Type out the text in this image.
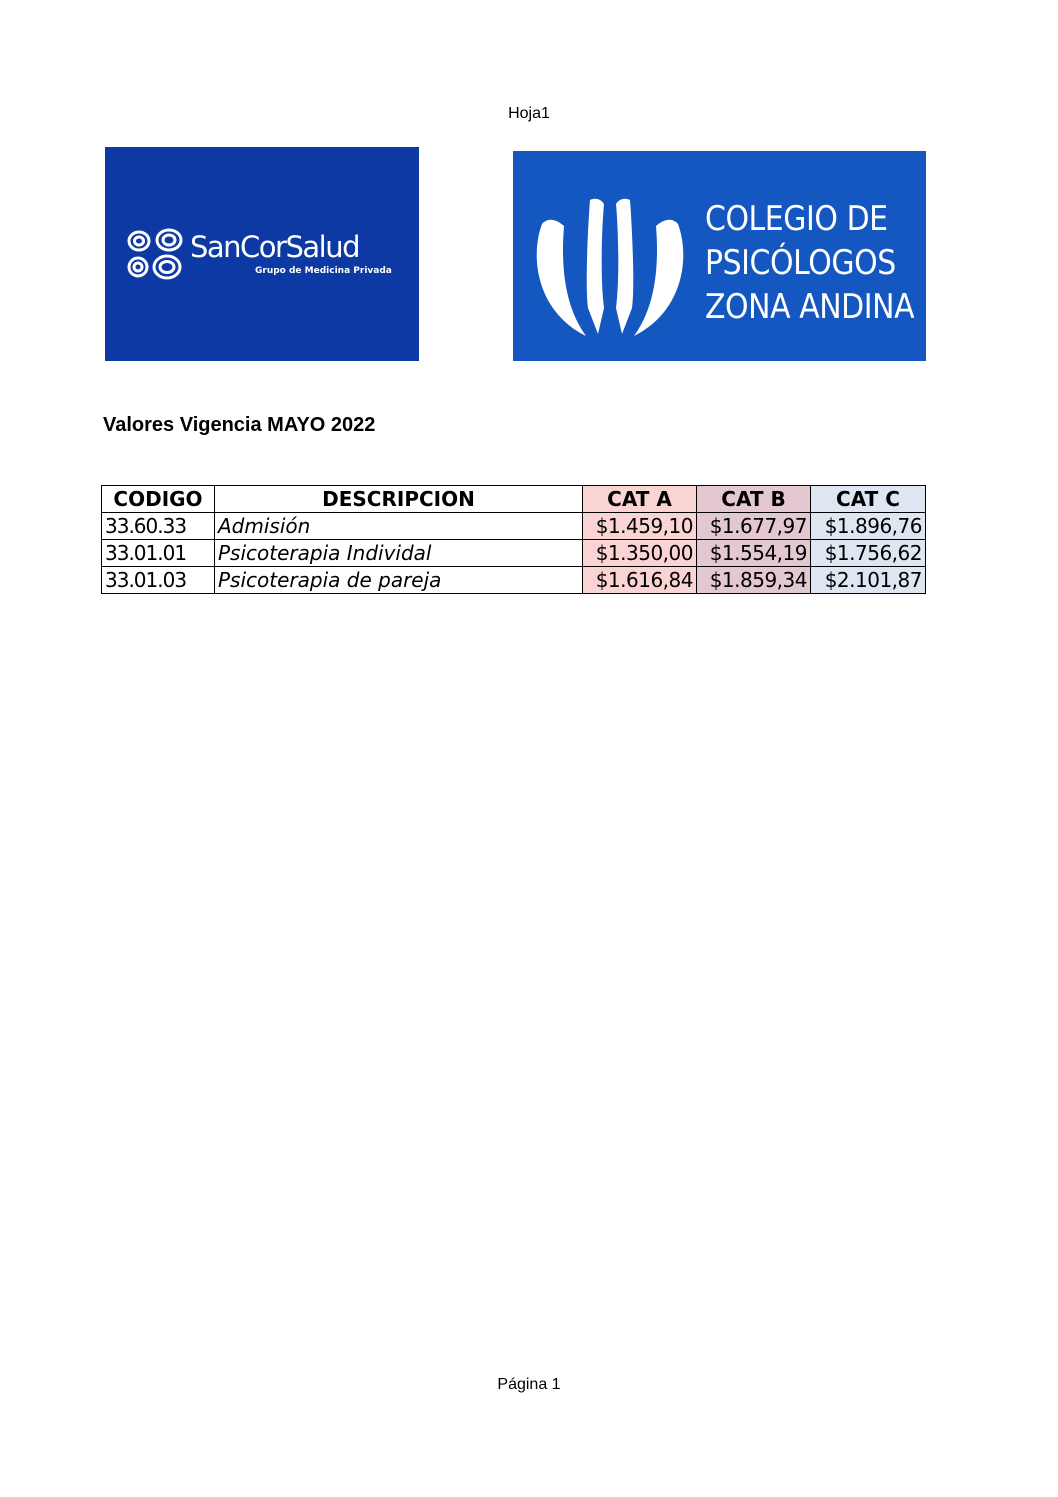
Hoja1
SanCorSalud
Grupo de Medicina Privada
COLEGIO DE
PSICÓLOGOS
ZONA ANDINA
Valores Vigencia MAYO 2022
CODIGO	DESCRIPCION	CAT A	CAT B	CAT C
33.60.33	Admisión	$1.459,10	$1.677,97	$1.896,76
33.01.01	Psicoterapia Individal	$1.350,00	$1.554,19	$1.756,62
33.01.03	Psicoterapia de pareja	$1.616,84	$1.859,34	$2.101,87
Página 1
